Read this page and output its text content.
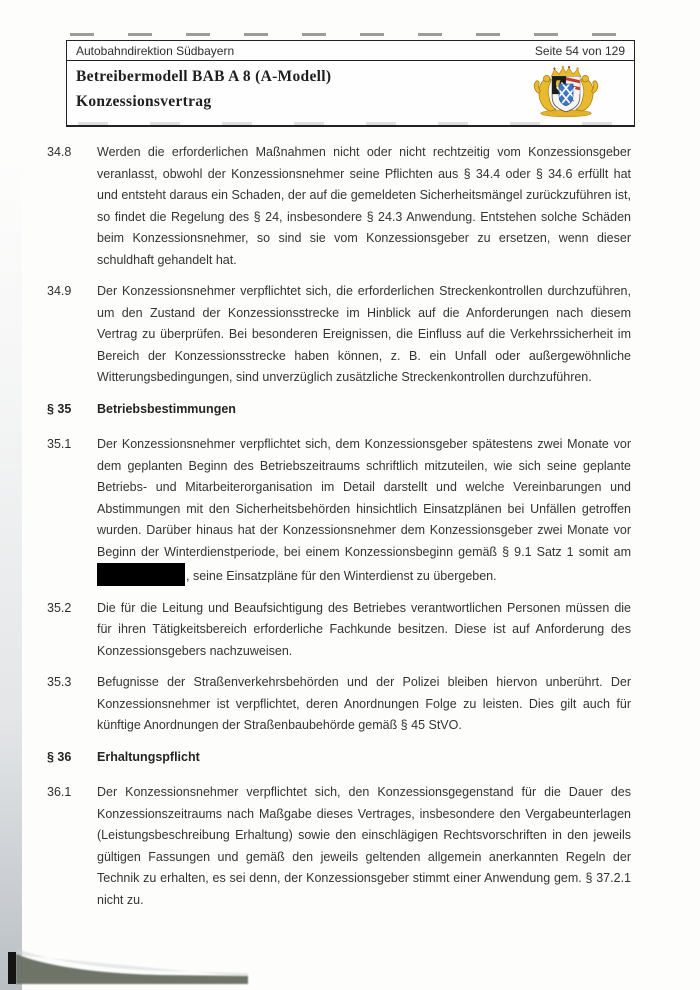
Autobahndirektion Südbayern	Seite 54 von 129
Betreibermodell BAB A 8 (A-Modell)
Konzessionsvertrag
34.8	Werden die erforderlichen Maßnahmen nicht oder nicht rechtzeitig vom Konzessionsgeber veranlasst, obwohl der Konzessionsnehmer seine Pflichten aus § 34.4 oder § 34.6 erfüllt hat und entsteht daraus ein Schaden, der auf die gemeldeten Sicherheitsmängel zurückzuführen ist, so findet die Regelung des § 24, insbesondere § 24.3 Anwendung. Entstehen solche Schäden beim Konzessionsnehmer, so sind sie vom Konzessionsgeber zu ersetzen, wenn dieser schuldhaft gehandelt hat.
34.9	Der Konzessionsnehmer verpflichtet sich, die erforderlichen Streckenkontrollen durchzuführen, um den Zustand der Konzessionsstrecke im Hinblick auf die Anforderungen nach diesem Vertrag zu überprüfen. Bei besonderen Ereignissen, die Einfluss auf die Verkehrssicherheit im Bereich der Konzessionsstrecke haben können, z. B. ein Unfall oder außergewöhnliche Witterungsbedingungen, sind unverzüglich zusätzliche Streckenkontrollen durchzuführen.
§ 35	Betriebsbestimmungen
35.1	Der Konzessionsnehmer verpflichtet sich, dem Konzessionsgeber spätestens zwei Monate vor dem geplanten Beginn des Betriebszeitraums schriftlich mitzuteilen, wie sich seine geplante Betriebs- und Mitarbeiterorganisation im Detail darstellt und welche Vereinbarungen und Abstimmungen mit den Sicherheitsbehörden hinsichtlich Einsatzplänen bei Unfällen getroffen wurden. Darüber hinaus hat der Konzessionsnehmer dem Konzessionsgeber zwei Monate vor Beginn der Winterdienstperiode, bei einem Konzessionsbeginn gemäß § 9.1 Satz 1 somit am , seine Einsatzpläne für den Winterdienst zu übergeben.
35.2	Die für die Leitung und Beaufsichtigung des Betriebes verantwortlichen Personen müssen die für ihren Tätigkeitsbereich erforderliche Fachkunde besitzen. Diese ist auf Anforderung des Konzessionsgebers nachzuweisen.
35.3	Befugnisse der Straßenverkehrsbehörden und der Polizei bleiben hiervon unberührt. Der Konzessionsnehmer ist verpflichtet, deren Anordnungen Folge zu leisten. Dies gilt auch für künftige Anordnungen der Straßenbaubehörde gemäß § 45 StVO.
§ 36	Erhaltungspflicht
36.1	Der Konzessionsnehmer verpflichtet sich, den Konzessionsgegenstand für die Dauer des Konzessionszeitraums nach Maßgabe dieses Vertrages, insbesondere den Vergabeunterlagen (Leistungsbeschreibung Erhaltung) sowie den einschlägigen Rechtsvorschriften in den jeweils gültigen Fassungen und gemäß den jeweils geltenden allgemein anerkannten Regeln der Technik zu erhalten, es sei denn, der Konzessionsgeber stimmt einer Anwendung gem. § 37.2.1 nicht zu.
